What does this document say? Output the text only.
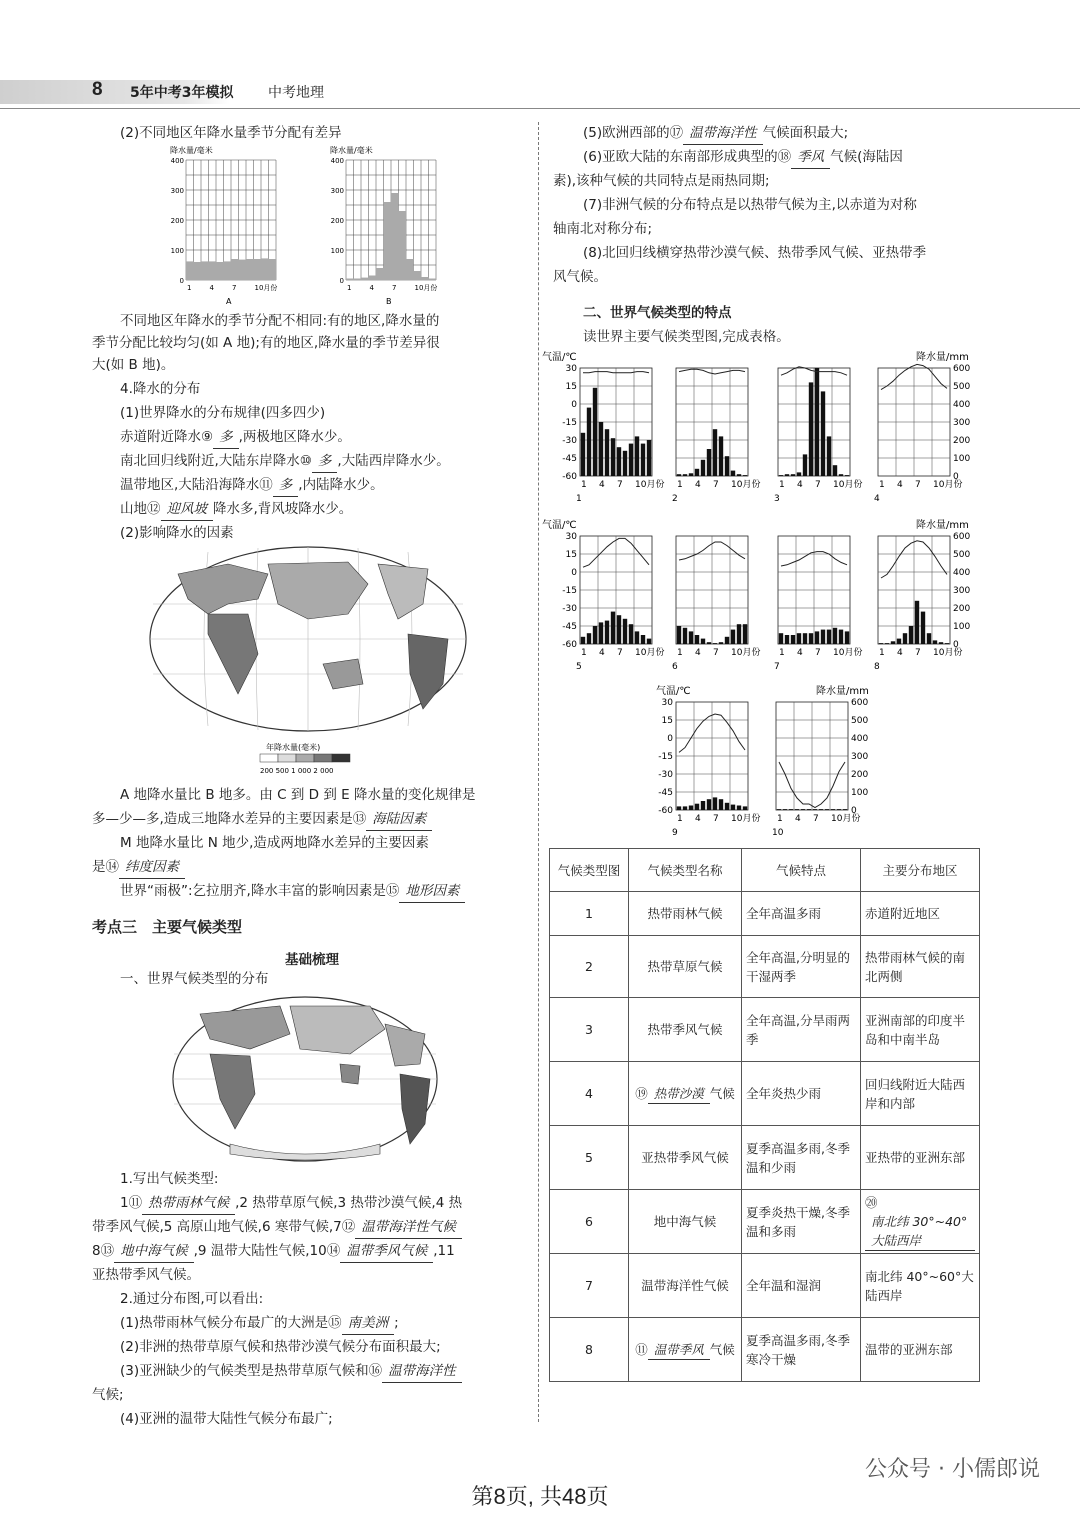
8 5年中考3年模拟 中考地理
(2)不同地区年降水量季节分配有差异
降水量/毫米
0
100
200
300
400
1	4	7	10月份
A
降水量/毫米
0
100
200
300
400
1	4	7	10月份
B
不同地区年降水的季节分配不相同:有的地区,降水量的
季节分配比较均匀(如 A 地);有的地区,降水量的季节差异很
大(如 B 地)。
4.降水的分布
(1)世界降水的分布规律(四多四少)
赤道附近降水⑨ 多 ,两极地区降水少。
南北回归线附近,大陆东岸降水⑩ 多 ,大陆西岸降水少。
温带地区,大陆沿海降水⑪ 多 ,内陆降水少。
山地⑫ 迎风坡 降水多,背风坡降水少。
(2)影响降水的因素
年降水量(毫米)
200 500 1 000 2 000
A 地降水量比 B 地多。由 C 到 D 到 E 降水量的变化规律是
多—少—多,造成三地降水差异的主要因素是⑬ 海陆因素
M 地降水量比 N 地少,造成两地降水差异的主要因素
是⑭ 纬度因素
世界“雨极”:乞拉朋齐,降水丰富的影响因素是⑮ 地形因素
考点三　主要气候类型
基础梳理
一、世界气候类型的分布
1.写出气候类型:
1⑪ 热带雨林气候 ,2 热带草原气候,3 热带沙漠气候,4 热
带季风气候,5 高原山地气候,6 寒带气候,7⑫ 温带海洋性气候
8⑬ 地中海气候 ,9 温带大陆性气候,10⑭ 温带季风气候 ,11
亚热带季风气候。
2.通过分布图,可以看出:
(1)热带雨林气候分布最广的大洲是⑮ 南美洲 ;
(2)非洲的热带草原气候和热带沙漠气候分布面积最大;
(3)亚洲缺少的气候类型是热带草原气候和⑯ 温带海洋性
气候;
(4)亚洲的温带大陆性气候分布最广;
(5)欧洲西部的⑰ 温带海洋性 气候面积最大;
(6)亚欧大陆的东南部形成典型的⑱ 季风 气候(海陆因
素),该种气候的共同特点是雨热同期;
(7)非洲气候的分布特点是以热带气候为主,以赤道为对称
轴南北对称分布;
(8)北回归线横穿热带沙漠气候、热带季风气候、亚热带季
风气候。
二、世界气候类型的特点
读世界主要气候类型图,完成表格。
气温/℃	降水量/mm
气温/℃	降水量/mm
气温/℃	降水量/mm
1 4 7 10月份
1
30
15
0
-15
-30
-45
-60
1 4 7 10月份
2
1 4 7 10月份
3
1 4 7 10月份
4
600
500
400
300
200
100
0
1 4 7 10月份
5
30
15
0
-15
-30
-45
-60
1 4 7 10月份
6
1 4 7 10月份
7
1 4 7 10月份
8
600
500
400
300
200
100
0
1 4 7 10月份
9
30
15
0
-15
-30
-45
-60
1 4 7 10月份
10
600
500
400
300
200
100
0
气候类型图	气候类型名称	气候特点	主要分布地区
1	热带雨林气候	全年高温多雨	赤道附近地区
2	热带草原气候	全年高温,分明显的干湿两季	热带雨林气候的南北两侧
3	热带季风气候	全年高温,分旱雨两季	亚洲南部的印度半岛和中南半岛
4	⑲ 热带沙漠 气候	全年炎热少雨	回归线附近大陆西岸和内部
5	亚热带季风气候	夏季高温多雨,冬季温和少雨	亚热带的亚洲东部
6	地中海气候	夏季炎热干燥,冬季温和多雨	⑳南北纬 30°~40°大陆西岸
7	温带海洋性气候	全年温和湿润	南北纬 40°~60°大陆西岸
8	⑪ 温带季风 气候	夏季高温多雨,冬季寒冷干燥	温带的亚洲东部
公众号 · 小儒郎说
第8页, 共48页
